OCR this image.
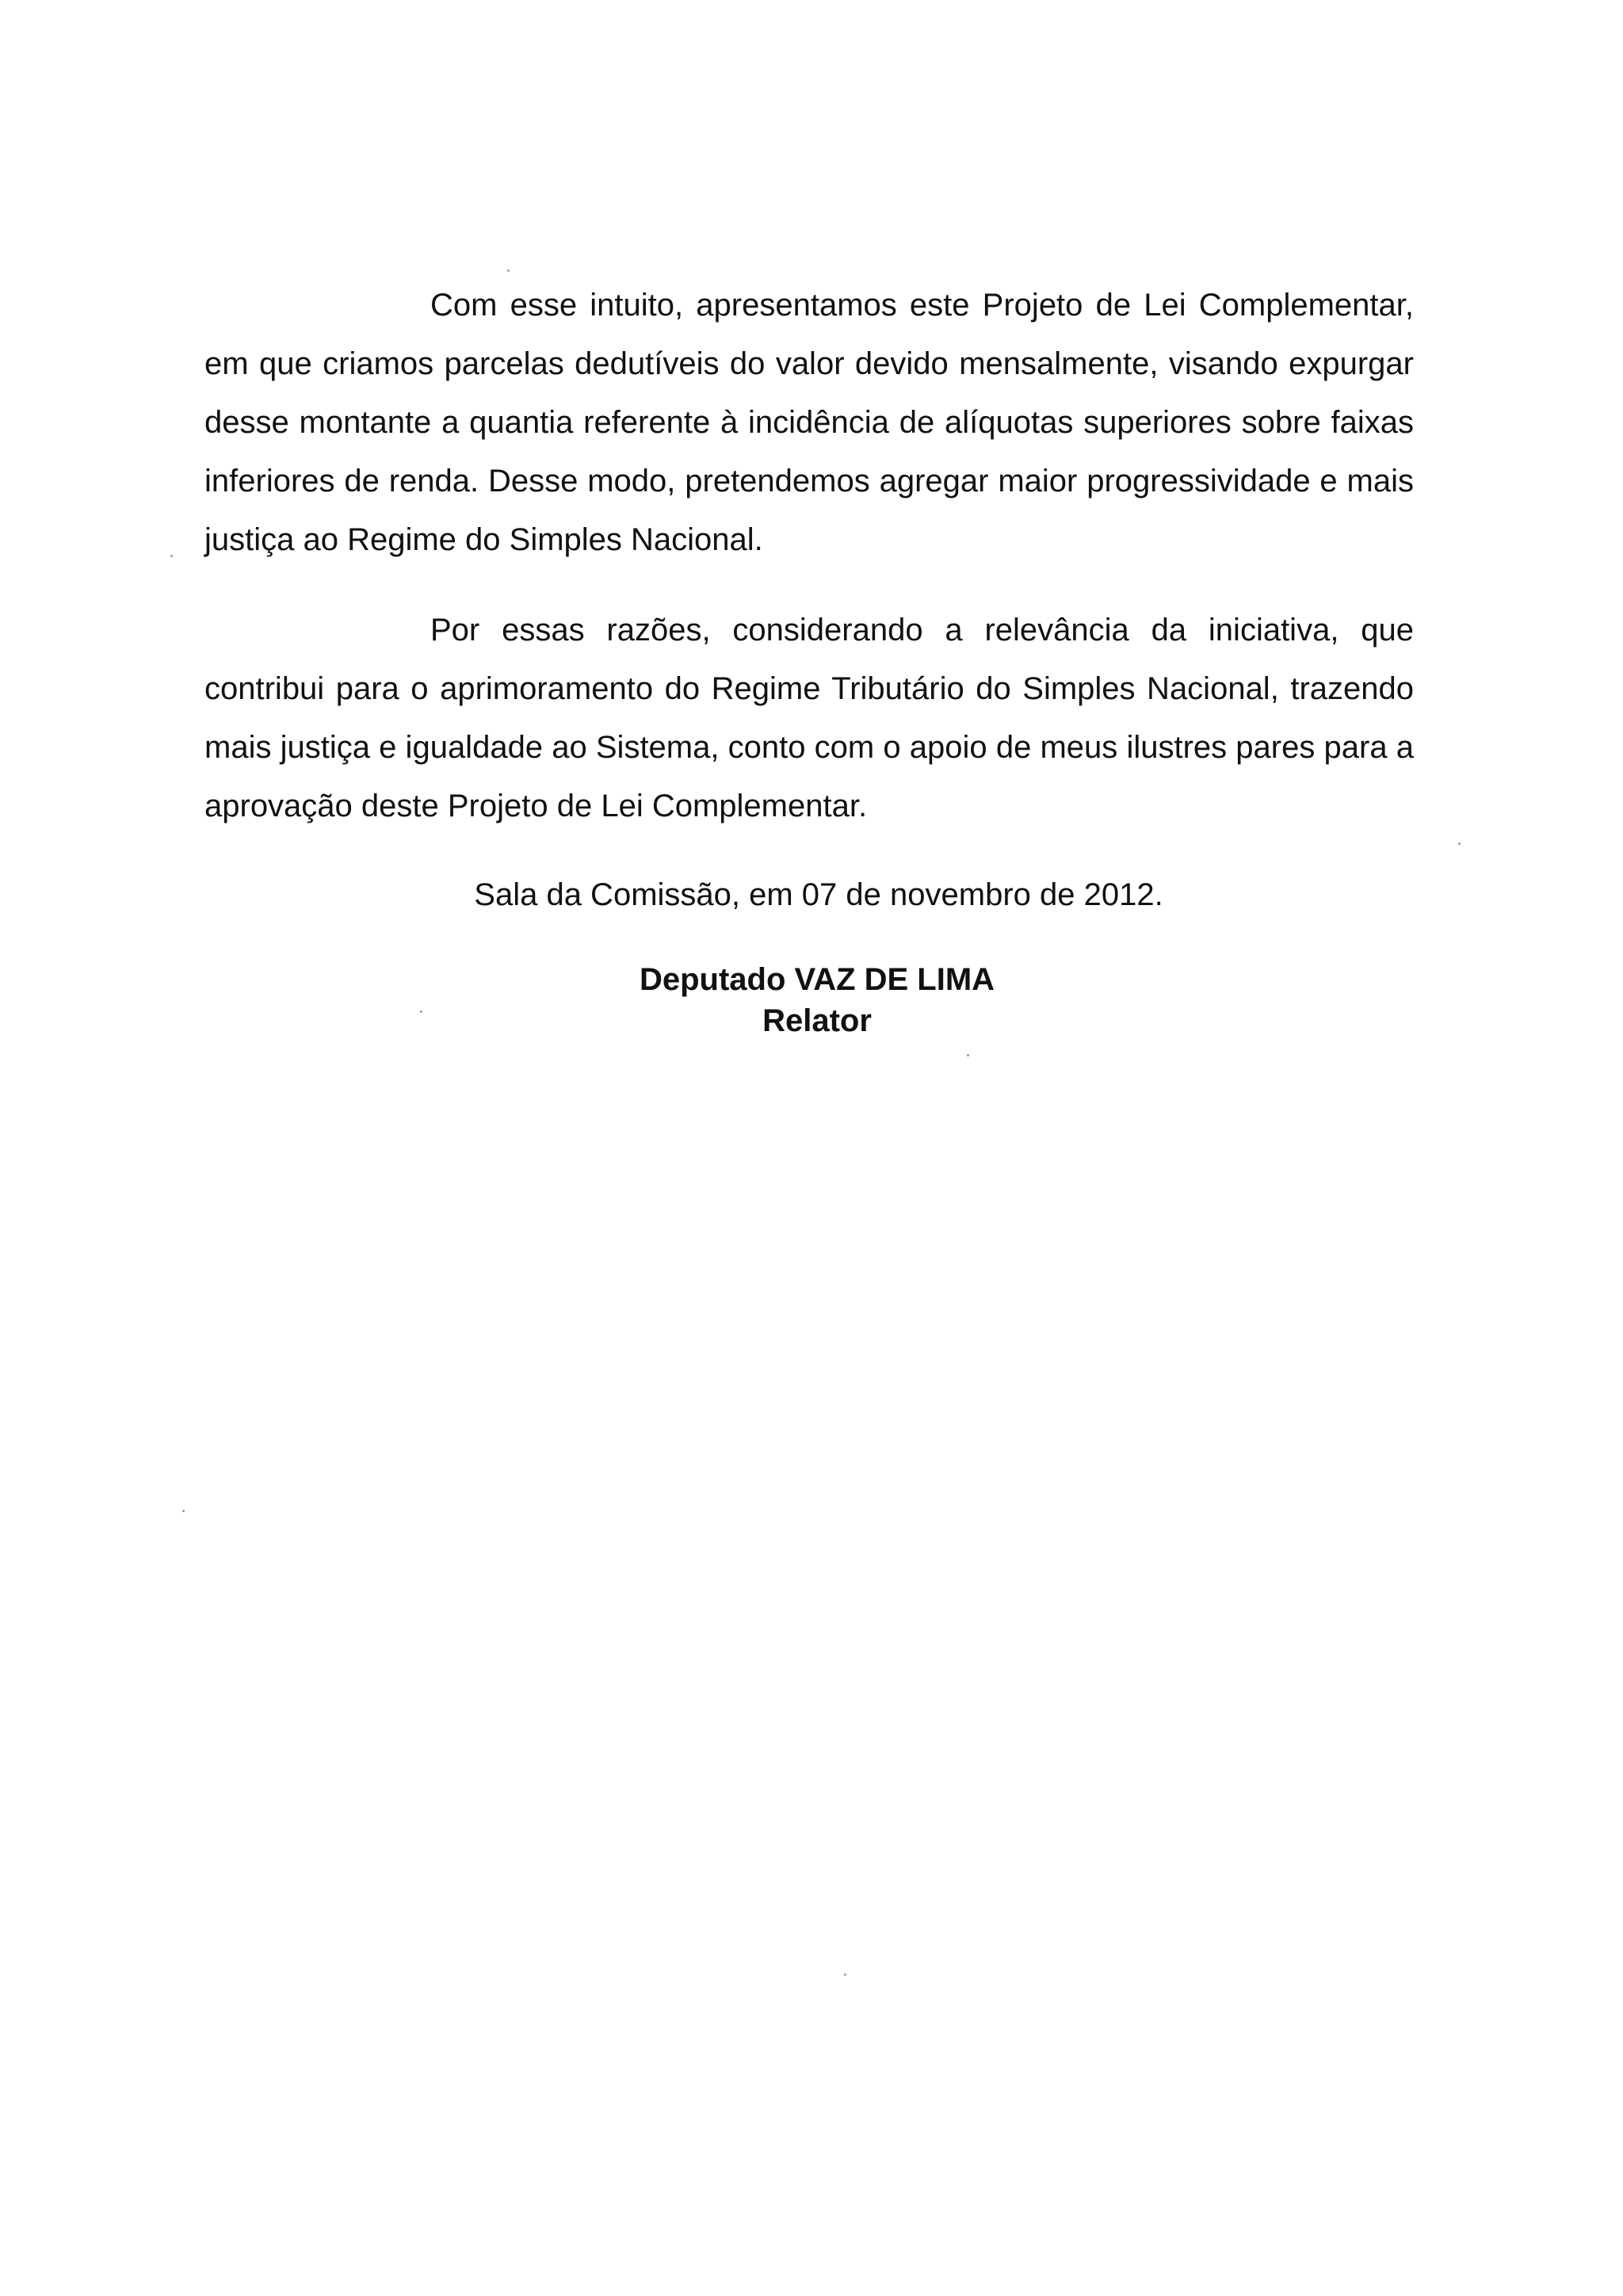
Com esse intuito, apresentamos este Projeto de Lei Complementar, em que criamos parcelas dedutíveis do valor devido mensalmente, visando expurgar desse montante a quantia referente à incidência de alíquotas superiores sobre faixas inferiores de renda. Desse modo, pretendemos agregar maior progressividade e mais justiça ao Regime do Simples Nacional.

Por essas razões, considerando a relevância da iniciativa, que contribui para o aprimoramento do Regime Tributário do Simples Nacional, trazendo mais justiça e igualdade ao Sistema, conto com o apoio de meus ilustres pares para a aprovação deste Projeto de Lei Complementar.

Sala da Comissão, em 07 de novembro de 2012.

Deputado VAZ DE LIMA
Relator
